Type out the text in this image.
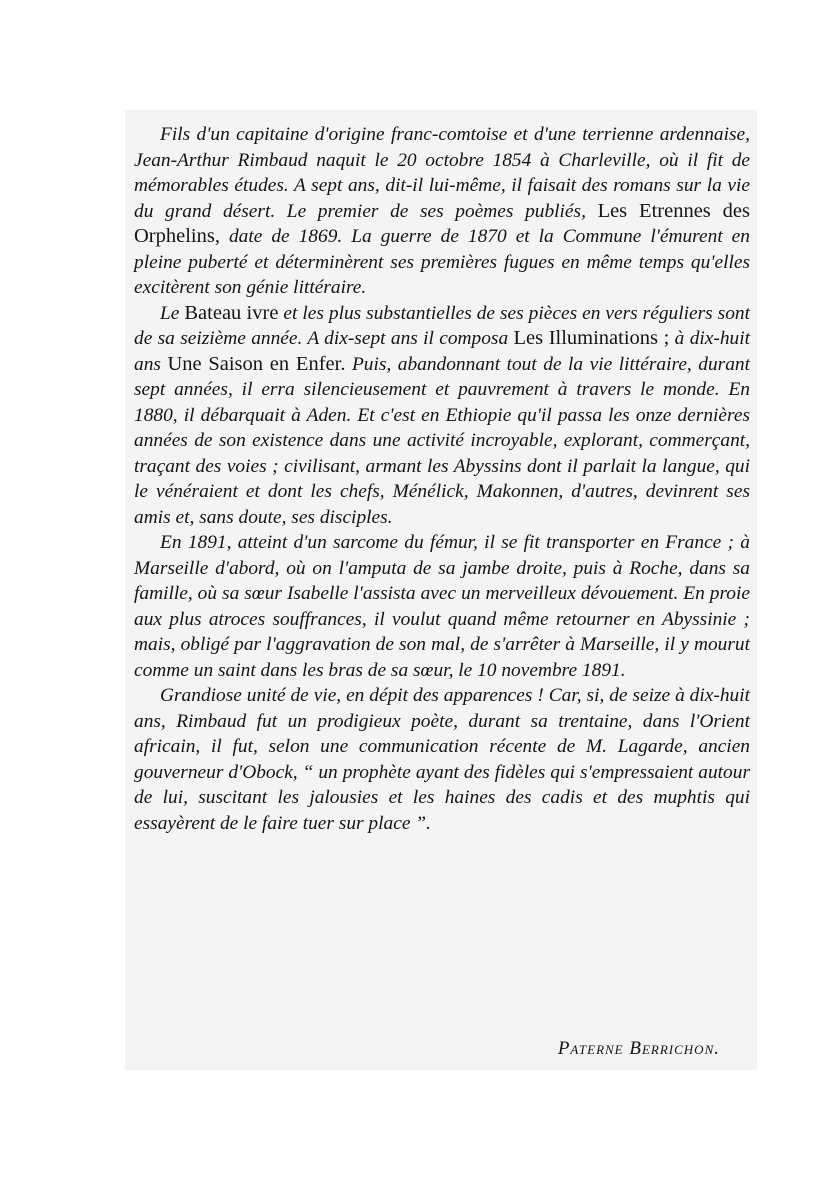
Fils d'un capitaine d'origine franc-comtoise et d'une terrienne ardennaise, Jean-Arthur Rimbaud naquit le 20 octobre 1854 à Charleville, où il fit de mémorables études. A sept ans, dit-il lui-même, il faisait des romans sur la vie du grand désert. Le premier de ses poèmes publiés, Les Etrennes des Orphelins, date de 1869. La guerre de 1870 et la Commune l'émurent en pleine puberté et déterminèrent ses premières fugues en même temps qu'elles excitèrent son génie littéraire.

Le Bateau ivre et les plus substantielles de ses pièces en vers réguliers sont de sa seizième année. A dix-sept ans il composa Les Illuminations ; à dix-huit ans Une Saison en Enfer. Puis, abandonnant tout de la vie littéraire, durant sept années, il erra silencieusement et pauvrement à travers le monde. En 1880, il débarquait à Aden. Et c'est en Ethiopie qu'il passa les onze dernières années de son existence dans une activité incroyable, explorant, commerçant, traçant des voies ; civilisant, armant les Abyssins dont il parlait la langue, qui le vénéraient et dont les chefs, Ménélick, Makonnen, d'autres, devinrent ses amis et, sans doute, ses disciples.

En 1891, atteint d'un sarcome du fémur, il se fit transporter en France ; à Marseille d'abord, où on l'amputa de sa jambe droite, puis à Roche, dans sa famille, où sa sœur Isabelle l'assista avec un merveilleux dévouement. En proie aux plus atroces souffrances, il voulut quand même retourner en Abyssinie ; mais, obligé par l'aggravation de son mal, de s'arrêter à Marseille, il y mourut comme un saint dans les bras de sa sœur, le 10 novembre 1891.

Grandiose unité de vie, en dépit des apparences ! Car, si, de seize à dix-huit ans, Rimbaud fut un prodigieux poète, durant sa trentaine, dans l'Orient africain, il fut, selon une communication récente de M. Lagarde, ancien gouverneur d'Obock, “ un prophète ayant des fidèles qui s'empressaient autour de lui, suscitant les jalousies et les haines des cadis et des muphtis qui essayèrent de le faire tuer sur place ”.

Paterne Berrichon.
